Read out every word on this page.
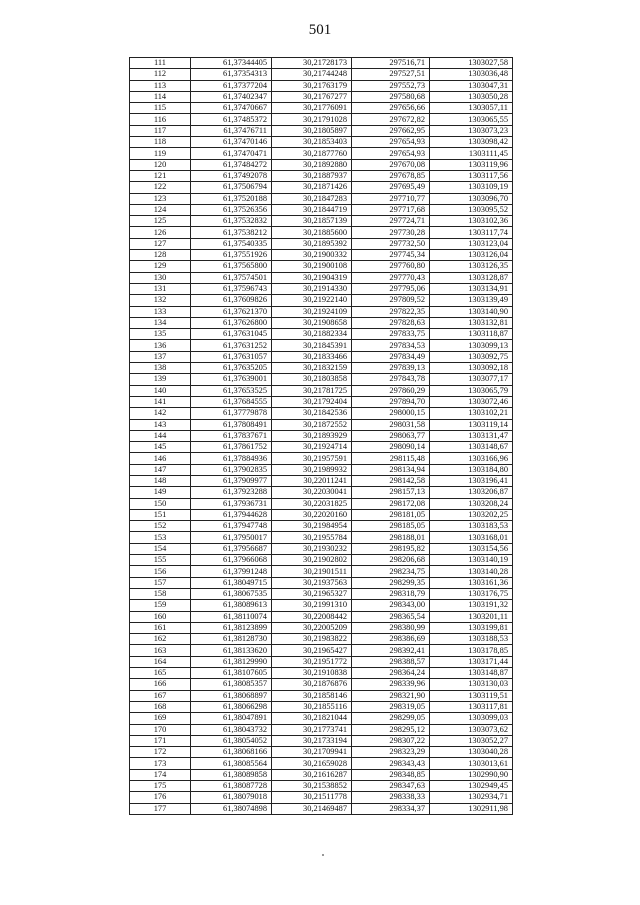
501
111	61,37344405	30,21728173	297516,71	1303027,58
112	61,37354313	30,21744248	297527,51	1303036,48
113	61,37377204	30,21763179	297552,73	1303047,31
114	61,37402347	30,21767277	297580,68	1303050,28
115	61,37470667	30,21776091	297656,66	1303057,11
116	61,37485372	30,21791028	297672,82	1303065,55
117	61,37476711	30,21805897	297662,95	1303073,23
118	61,37470146	30,21853403	297654,93	1303098,42
119	61,37470471	30,21877760	297654,93	1303111,45
120	61,37484272	30,21892880	297670,08	1303119,96
121	61,37492078	30,21887937	297678,85	1303117,56
122	61,37506794	30,21871426	297695,49	1303109,19
123	61,37520188	30,21847283	297710,77	1303096,70
124	61,37526356	30,21844719	297717,68	1303095,52
125	61,37532832	30,21857139	297724,71	1303102,36
126	61,37538212	30,21885600	297730,28	1303117,74
127	61,37540335	30,21895392	297732,50	1303123,04
128	61,37551926	30,21900332	297745,34	1303126,04
129	61,37565800	30,21900108	297760,80	1303126,35
130	61,37574501	30,21904319	297770,43	1303128,87
131	61,37596743	30,21914330	297795,06	1303134,91
132	61,37609826	30,21922140	297809,52	1303139,49
133	61,37621370	30,21924109	297822,35	1303140,90
134	61,37626800	30,21908658	297828,63	1303132,81
135	61,37631045	30,21882334	297833,75	1303118,87
136	61,37631252	30,21845391	297834,53	1303099,13
137	61,37631057	30,21833466	297834,49	1303092,75
138	61,37635205	30,21832159	297839,13	1303092,18
139	61,37639001	30,21803858	297843,78	1303077,17
140	61,37653525	30,21781725	297860,29	1303065,79
141	61,37684555	30,21792404	297894,70	1303072,46
142	61,37779878	30,21842536	298000,15	1303102,21
143	61,37808491	30,21872552	298031,58	1303119,14
144	61,37837671	30,21893929	298063,77	1303131,47
145	61,37861752	30,21924714	298090,14	1303148,67
146	61,37884936	30,21957591	298115,48	1303166,96
147	61,37902835	30,21989932	298134,94	1303184,80
148	61,37909977	30,22011241	298142,58	1303196,41
149	61,37923288	30,22030041	298157,13	1303206,87
150	61,37936731	30,22031825	298172,08	1303208,24
151	61,37944628	30,22020160	298181,05	1303202,25
152	61,37947748	30,21984954	298185,05	1303183,53
153	61,37950017	30,21955784	298188,01	1303168,01
154	61,37956687	30,21930232	298195,82	1303154,56
155	61,37966068	30,21902802	298206,68	1303140,19
156	61,37991248	30,21901511	298234,75	1303140,28
157	61,38049715	30,21937563	298299,35	1303161,36
158	61,38067535	30,21965327	298318,79	1303176,75
159	61,38089613	30,21991310	298343,00	1303191,32
160	61,38110074	30,22008442	298365,54	1303201,11
161	61,38123899	30,22005209	298380,99	1303199,81
162	61,38128730	30,21983822	298386,69	1303188,53
163	61,38133620	30,21965427	298392,41	1303178,85
164	61,38129990	30,21951772	298388,57	1303171,44
165	61,38107605	30,21910838	298364,24	1303148,87
166	61,38085357	30,21876876	298339,96	1303130,03
167	61,38068897	30,21858146	298321,90	1303119,51
168	61,38066298	30,21855116	298319,05	1303117,81
169	61,38047891	30,21821044	298299,05	1303099,03
170	61,38043732	30,21773741	298295,12	1303073,62
171	61,38054052	30,21733194	298307,22	1303052,27
172	61,38068166	30,21709941	298323,29	1303040,28
173	61,38085564	30,21659028	298343,43	1303013,61
174	61,38089858	30,21616287	298348,85	1302990,90
175	61,38087728	30,21538852	298347,63	1302949,45
176	61,38079018	30,21511778	298338,33	1302934,71
177	61,38074898	30,21469487	298334,37	1302911,98
